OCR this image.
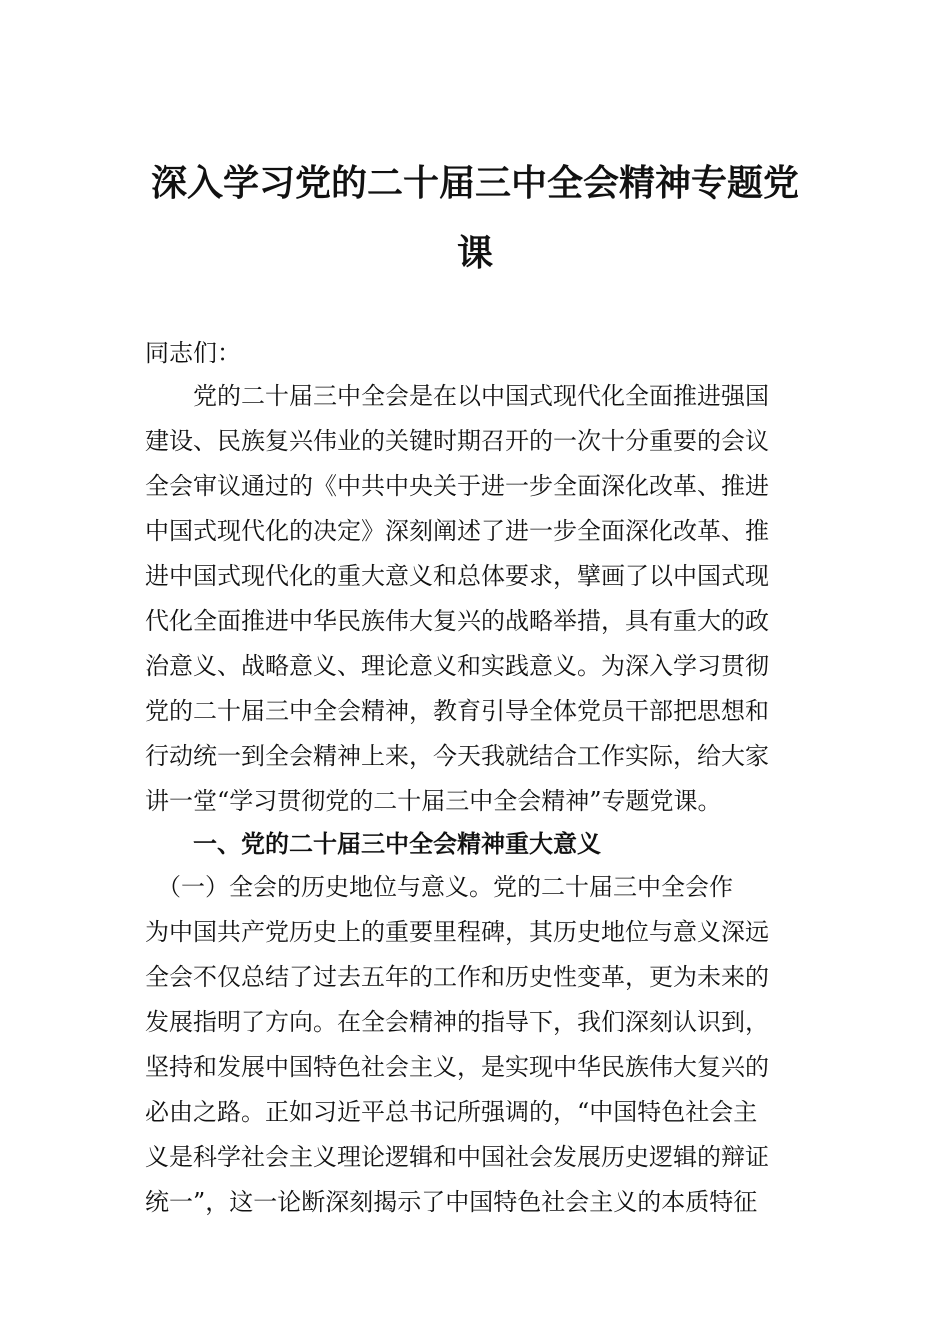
深入学习党的二十届三中全会精神专题党
课
同志们：
　　党的二十届三中全会是在以中国式现代化全面推进强国
建设、民族复兴伟业的关键时期召开的一次十分重要的会议
全会审议通过的《中共中央关于进一步全面深化改革、推进
中国式现代化的决定》深刻阐述了进一步全面深化改革、推
进中国式现代化的重大意义和总体要求，擘画了以中国式现
代化全面推进中华民族伟大复兴的战略举措，具有重大的政
治意义、战略意义、理论意义和实践意义。为深入学习贯彻
党的二十届三中全会精神，教育引导全体党员干部把思想和
行动统一到全会精神上来，今天我就结合工作实际，给大家
讲一堂“学习贯彻党的二十届三中全会精神”专题党课。
　　一、党的二十届三中全会精神重大意义
　（一）全会的历史地位与意义。党的二十届三中全会作
为中国共产党历史上的重要里程碑，其历史地位与意义深远
全会不仅总结了过去五年的工作和历史性变革，更为未来的
发展指明了方向。在全会精神的指导下，我们深刻认识到，
坚持和发展中国特色社会主义，是实现中华民族伟大复兴的
必由之路。正如习近平总书记所强调的，“中国特色社会主
义是科学社会主义理论逻辑和中国社会发展历史逻辑的辩证
统一”，这一论断深刻揭示了中国特色社会主义的本质特征
